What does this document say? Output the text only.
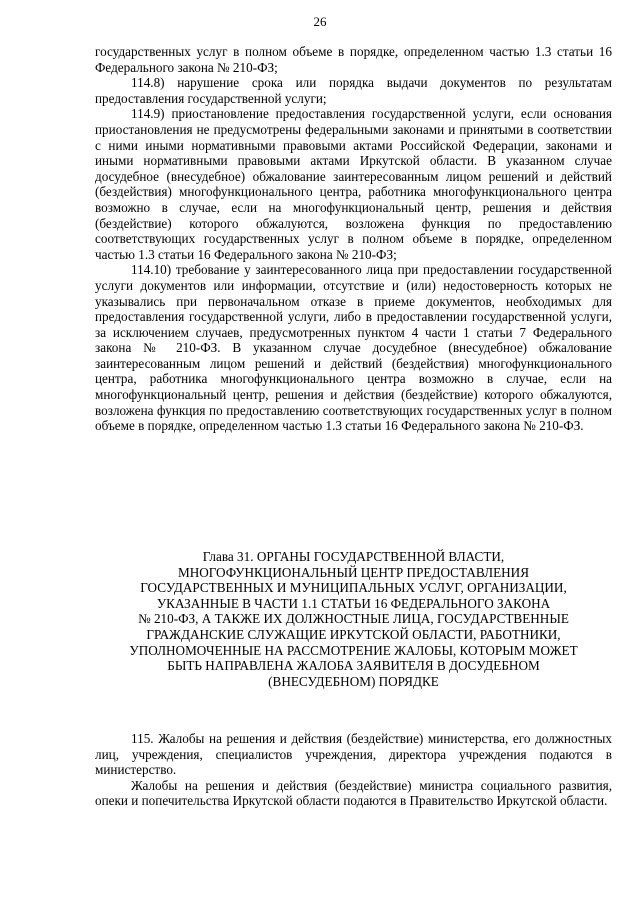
26

государственных услуг в полном объеме в порядке, определенном частью 1.3 статьи 16 Федерального закона № 210-ФЗ;

114.8) нарушение срока или порядка выдачи документов по результатам предоставления государственной услуги;

114.9) приостановление предоставления государственной услуги, если основания приостановления не предусмотрены федеральными законами и принятыми в соответствии с ними иными нормативными правовыми актами Российской Федерации, законами и иными нормативными правовыми актами Иркутской области. В указанном случае досудебное (внесудебное) обжалование заинтересованным лицом решений и действий (бездействия) многофункционального центра, работника многофункционального центра возможно в случае, если на многофункциональный центр, решения и действия (бездействие) которого обжалуются, возложена функция по предоставлению соответствующих государственных услуг в полном объеме в порядке, определенном частью 1.3 статьи 16 Федерального закона № 210-ФЗ;

114.10) требование у заинтересованного лица при предоставлении государственной услуги документов или информации, отсутствие и (или) недостоверность которых не указывались при первоначальном отказе в приеме документов, необходимых для предоставления государственной услуги, либо в предоставлении государственной услуги, за исключением случаев, предусмотренных пунктом 4 части 1 статьи 7 Федерального закона № 210-ФЗ. В указанном случае досудебное (внесудебное) обжалование заинтересованным лицом решений и действий (бездействия) многофункционального центра, работника многофункционального центра возможно в случае, если на многофункциональный центр, решения и действия (бездействие) которого обжалуются, возложена функция по предоставлению соответствующих государственных услуг в полном объеме в порядке, определенном частью 1.3 статьи 16 Федерального закона № 210-ФЗ.

Глава 31. ОРГАНЫ ГОСУДАРСТВЕННОЙ ВЛАСТИ,

МНОГОФУНКЦИОНАЛЬНЫЙ ЦЕНТР ПРЕДОСТАВЛЕНИЯ

ГОСУДАРСТВЕННЫХ И МУНИЦИПАЛЬНЫХ УСЛУГ, ОРГАНИЗАЦИИ,

УКАЗАННЫЕ В ЧАСТИ 1.1 СТАТЬИ 16 ФЕДЕРАЛЬНОГО ЗАКОНА

№ 210-ФЗ, А ТАКЖЕ ИХ ДОЛЖНОСТНЫЕ ЛИЦА, ГОСУДАРСТВЕННЫЕ

ГРАЖДАНСКИЕ СЛУЖАЩИЕ ИРКУТСКОЙ ОБЛАСТИ, РАБОТНИКИ,

УПОЛНОМОЧЕННЫЕ НА РАССМОТРЕНИЕ ЖАЛОБЫ, КОТОРЫМ МОЖЕТ

БЫТЬ НАПРАВЛЕНА ЖАЛОБА ЗАЯВИТЕЛЯ В ДОСУДЕБНОМ

(ВНЕСУДЕБНОМ) ПОРЯДКЕ

115. Жалобы на решения и действия (бездействие) министерства, его должностных лиц, учреждения, специалистов учреждения, директора учреждения подаются в министерство.

Жалобы на решения и действия (бездействие) министра социального развития, опеки и попечительства Иркутской области подаются в Правительство Иркутской области.
